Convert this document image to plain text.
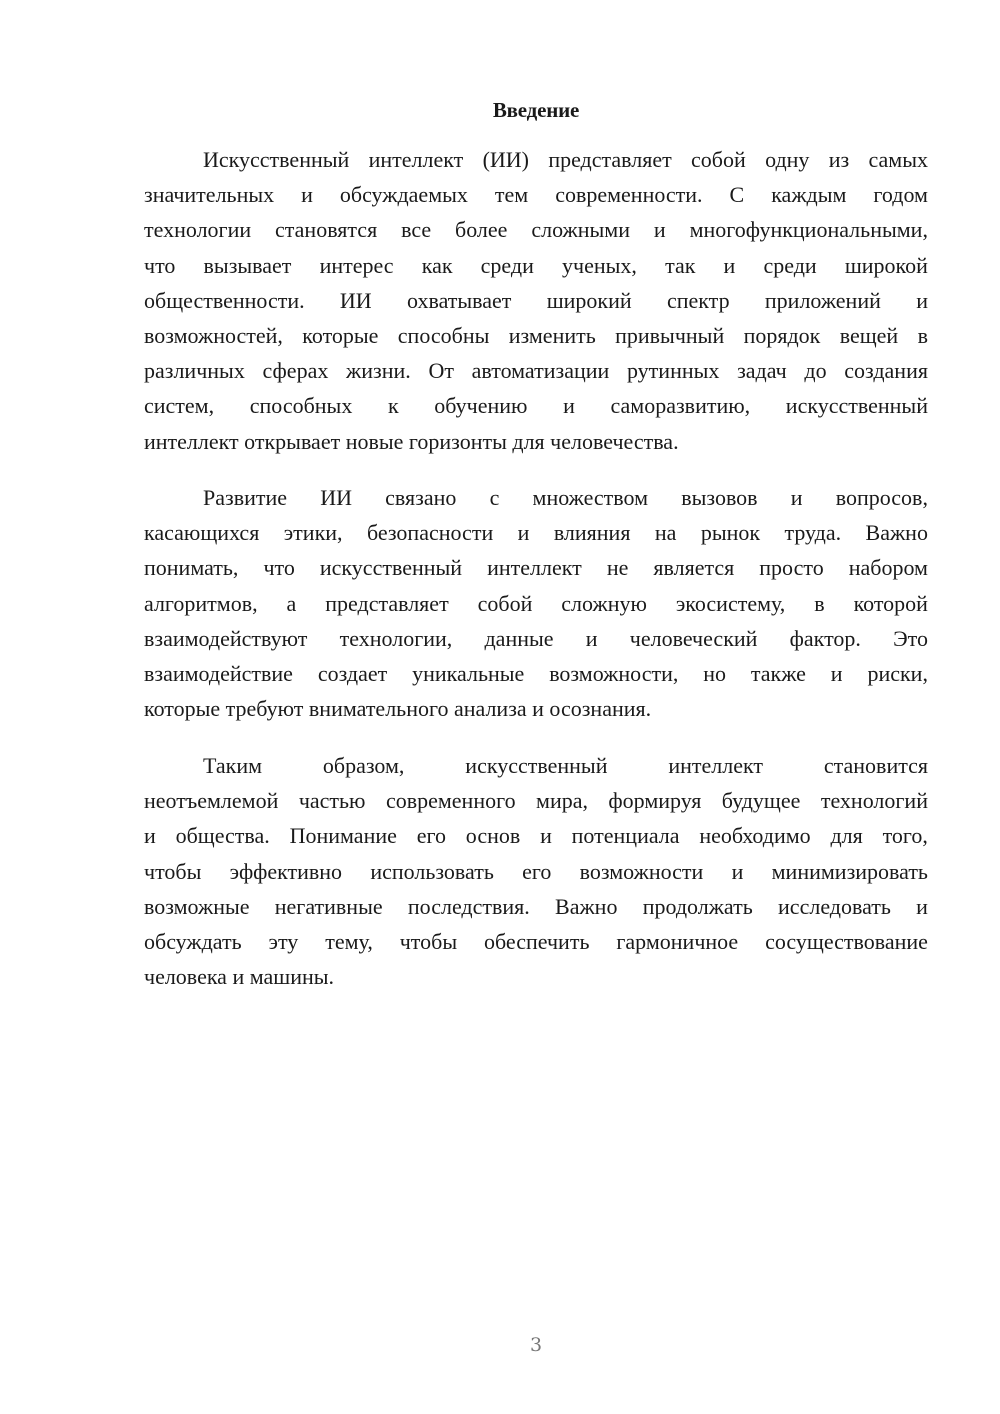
Введение
Искусственный интеллект (ИИ) представляет собой одну из самых
значительных и обсуждаемых тем современности. С каждым годом
технологии становятся все более сложными и многофункциональными,
что вызывает интерес как среди ученых, так и среди широкой
общественности. ИИ охватывает широкий спектр приложений и
возможностей, которые способны изменить привычный порядок вещей в
различных сферах жизни. От автоматизации рутинных задач до создания
систем, способных к обучению и саморазвитию, искусственный
интеллект открывает новые горизонты для человечества.
Развитие ИИ связано с множеством вызовов и вопросов,
касающихся этики, безопасности и влияния на рынок труда. Важно
понимать, что искусственный интеллект не является просто набором
алгоритмов, а представляет собой сложную экосистему, в которой
взаимодействуют технологии, данные и человеческий фактор. Это
взаимодействие создает уникальные возможности, но также и риски,
которые требуют внимательного анализа и осознания.
Таким	образом,	искусственный	интеллект	становится
неотъемлемой частью современного мира, формируя будущее технологий
и общества. Понимание его основ и потенциала необходимо для того,
чтобы эффективно использовать его возможности и минимизировать
возможные негативные последствия. Важно продолжать исследовать и
обсуждать эту тему, чтобы обеспечить гармоничное сосуществование
человека и машины.
3
